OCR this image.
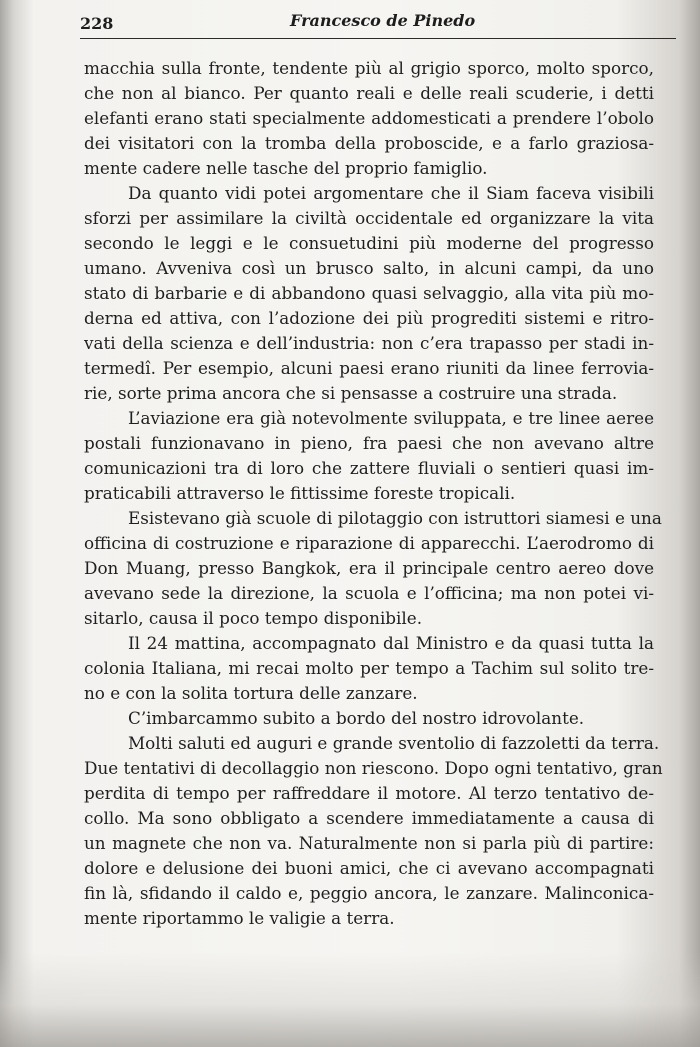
228	Francesco de Pinedo
macchia sulla fronte, tendente più al grigio sporco, molto sporco,
che non al bianco. Per quanto reali e delle reali scuderie, i detti
elefanti erano stati specialmente addomesticati a prendere l’obolo
dei visitatori con la tromba della proboscide, e a farlo graziosa-
mente cadere nelle tasche del proprio famiglio.
Da quanto vidi potei argomentare che il Siam faceva visibili
sforzi per assimilare la civiltà occidentale ed organizzare la vita
secondo le leggi e le consuetudini più moderne del progresso
umano. Avveniva così un brusco salto, in alcuni campi, da uno
stato di barbarie e di abbandono quasi selvaggio, alla vita più mo-
derna ed attiva, con l’adozione dei più progrediti sistemi e ritro-
vati della scienza e dell’industria: non c’era trapasso per stadi in-
termedî. Per esempio, alcuni paesi erano riuniti da linee ferrovia-
rie, sorte prima ancora che si pensasse a costruire una strada.
L’aviazione era già notevolmente sviluppata, e tre linee aeree
postali funzionavano in pieno, fra paesi che non avevano altre
comunicazioni tra di loro che zattere fluviali o sentieri quasi im-
praticabili attraverso le fittissime foreste tropicali.
Esistevano già scuole di pilotaggio con istruttori siamesi e una
officina di costruzione e riparazione di apparecchi. L’aerodromo di
Don Muang, presso Bangkok, era il principale centro aereo dove
avevano sede la direzione, la scuola e l’officina; ma non potei vi-
sitarlo, causa il poco tempo disponibile.
Il 24 mattina, accompagnato dal Ministro e da quasi tutta la
colonia Italiana, mi recai molto per tempo a Tachim sul solito tre-
no e con la solita tortura delle zanzare.
C’imbarcammo subito a bordo del nostro idrovolante.
Molti saluti ed auguri e grande sventolio di fazzoletti da terra.
Due tentativi di decollaggio non riescono. Dopo ogni tentativo, gran
perdita di tempo per raffreddare il motore. Al terzo tentativo de-
collo. Ma sono obbligato a scendere immediatamente a causa di
un magnete che non va. Naturalmente non si parla più di partire:
dolore e delusione dei buoni amici, che ci avevano accompagnati
fin là, sfidando il caldo e, peggio ancora, le zanzare. Malinconica-
mente riportammo le valigie a terra.
